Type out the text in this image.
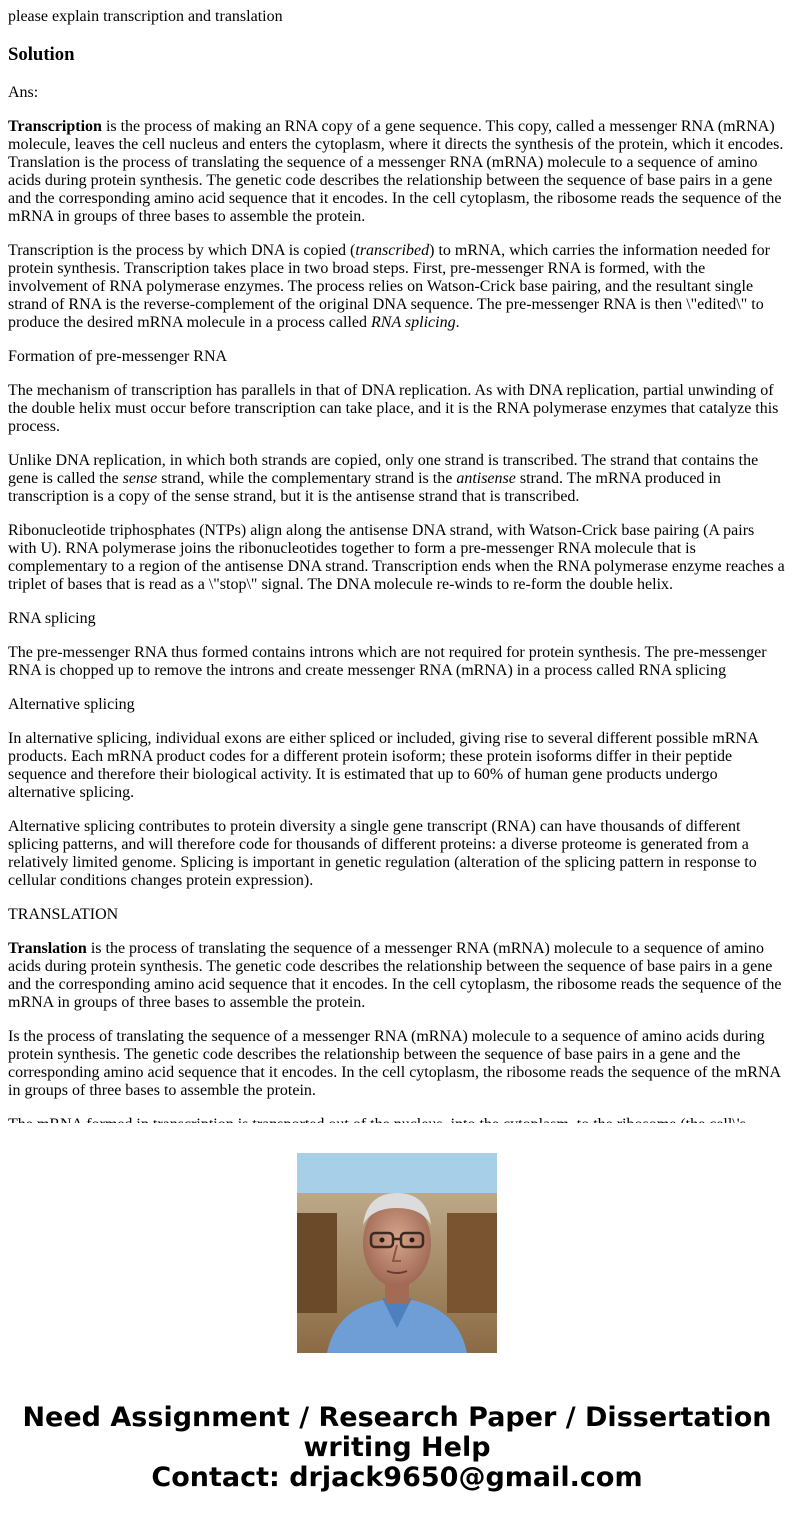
please explain transcription and translation
Solution
Ans:
Transcription is the process of making an RNA copy of a gene sequence. This copy, called a messenger RNA (mRNA) molecule, leaves the cell nucleus and enters the cytoplasm, where it directs the synthesis of the protein, which it encodes. Translation is the process of translating the sequence of a messenger RNA (mRNA) molecule to a sequence of amino acids during protein synthesis. The genetic code describes the relationship between the sequence of base pairs in a gene and the corresponding amino acid sequence that it encodes. In the cell cytoplasm, the ribosome reads the sequence of the mRNA in groups of three bases to assemble the protein.
Transcription is the process by which DNA is copied (transcribed) to mRNA, which carries the information needed for protein synthesis. Transcription takes place in two broad steps. First, pre-messenger RNA is formed, with the involvement of RNA polymerase enzymes. The process relies on Watson-Crick base pairing, and the resultant single strand of RNA is the reverse-complement of the original DNA sequence. The pre-messenger RNA is then \"edited\" to produce the desired mRNA molecule in a process called RNA splicing.
Formation of pre-messenger RNA
The mechanism of transcription has parallels in that of DNA replication. As with DNA replication, partial unwinding of the double helix must occur before transcription can take place, and it is the RNA polymerase enzymes that catalyze this process.
Unlike DNA replication, in which both strands are copied, only one strand is transcribed. The strand that contains the gene is called the sense strand, while the complementary strand is the antisense strand. The mRNA produced in transcription is a copy of the sense strand, but it is the antisense strand that is transcribed.
Ribonucleotide triphosphates (NTPs) align along the antisense DNA strand, with Watson-Crick base pairing (A pairs with U). RNA polymerase joins the ribonucleotides together to form a pre-messenger RNA molecule that is complementary to a region of the antisense DNA strand. Transcription ends when the RNA polymerase enzyme reaches a triplet of bases that is read as a \"stop\" signal. The DNA molecule re-winds to re-form the double helix.
RNA splicing
The pre-messenger RNA thus formed contains introns which are not required for protein synthesis. The pre-messenger RNA is chopped up to remove the introns and create messenger RNA (mRNA) in a process called RNA splicing
Alternative splicing
In alternative splicing, individual exons are either spliced or included, giving rise to several different possible mRNA products. Each mRNA product codes for a different protein isoform; these protein isoforms differ in their peptide sequence and therefore their biological activity. It is estimated that up to 60% of human gene products undergo alternative splicing.
Alternative splicing contributes to protein diversity a single gene transcript (RNA) can have thousands of different splicing patterns, and will therefore code for thousands of different proteins: a diverse proteome is generated from a relatively limited genome. Splicing is important in genetic regulation (alteration of the splicing pattern in response to cellular conditions changes protein expression).
TRANSLATION
Translation is the process of translating the sequence of a messenger RNA (mRNA) molecule to a sequence of amino acids during protein synthesis. The genetic code describes the relationship between the sequence of base pairs in a gene and the corresponding amino acid sequence that it encodes. In the cell cytoplasm, the ribosome reads the sequence of the mRNA in groups of three bases to assemble the protein.
Is the process of translating the sequence of a messenger RNA (mRNA) molecule to a sequence of amino acids during protein synthesis. The genetic code describes the relationship between the sequence of base pairs in a gene and the corresponding amino acid sequence that it encodes. In the cell cytoplasm, the ribosome reads the sequence of the mRNA in groups of three bases to assemble the protein.
Need Assignment / Research Paper / Dissertation
writing Help
Contact: drjack9650@gmail.com
